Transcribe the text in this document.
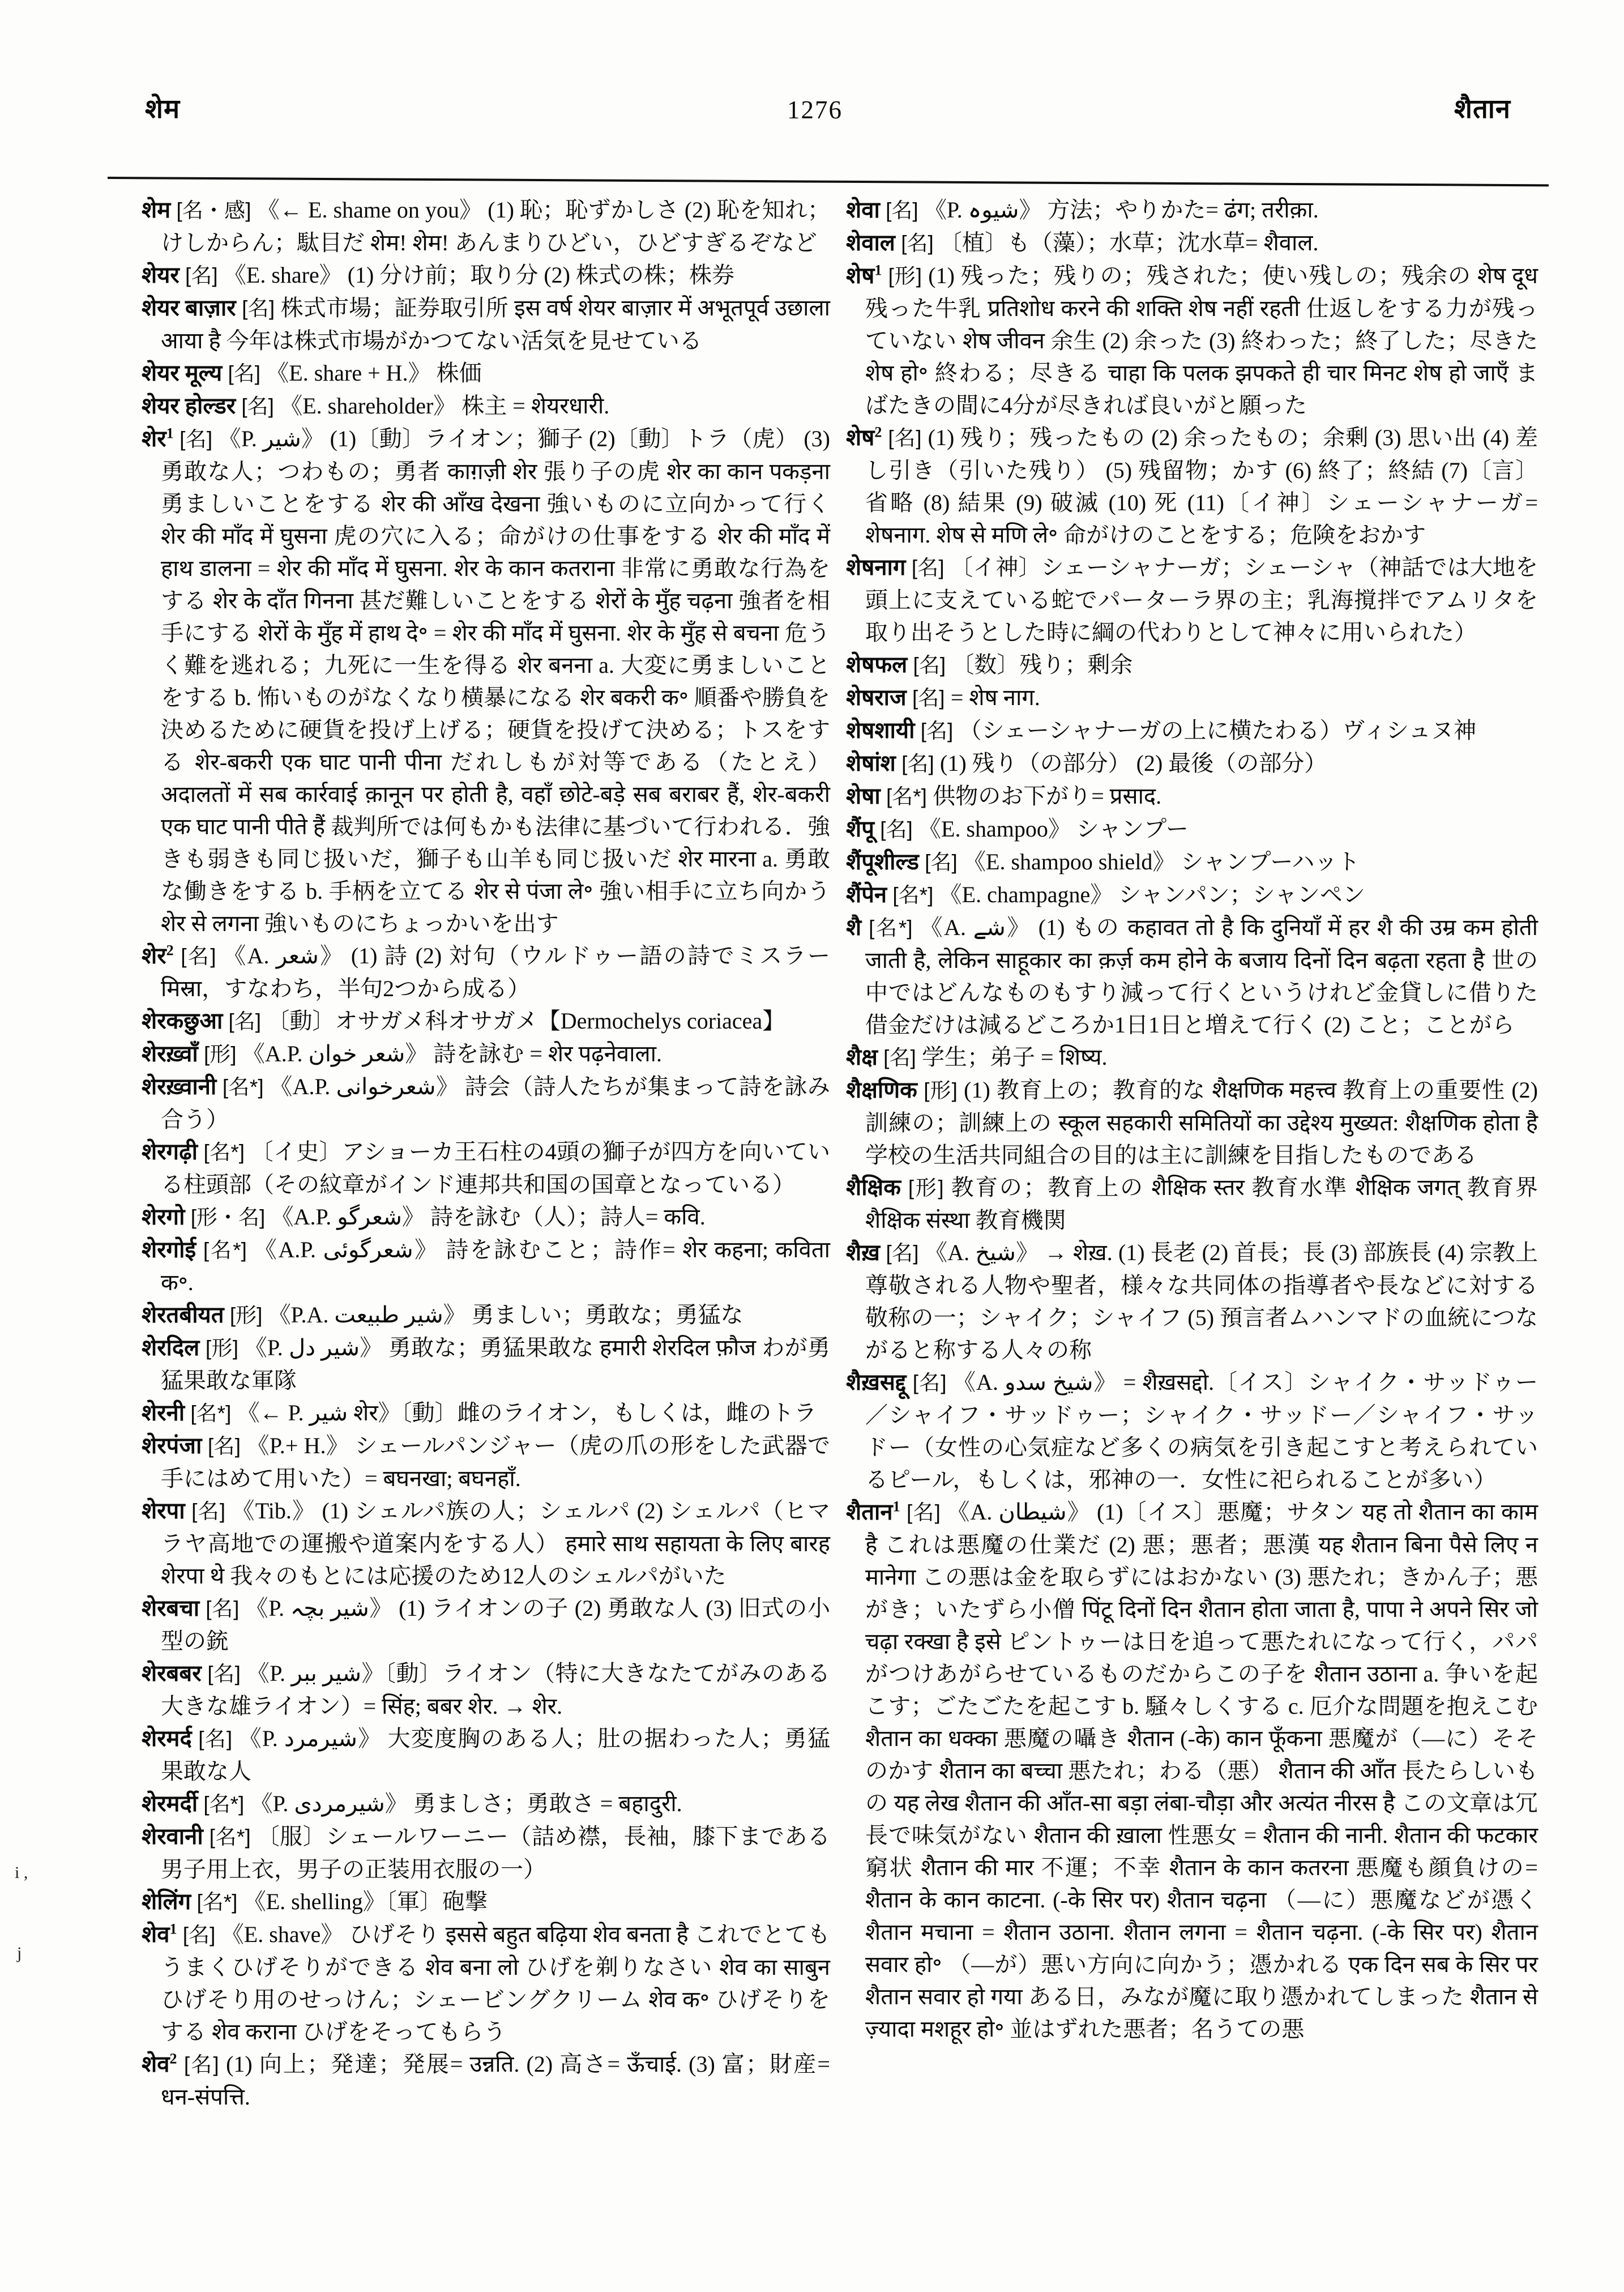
शेम	1276	शैतान

शेम [名・感] 《← E. shame on you》 (1) 恥；恥ずかしさ (2) 恥を知れ；けしからん；駄目だ शेम! शेम! あんまりひどい，ひどすぎるぞなど

शेयर [名] 《E. share》 (1) 分け前；取り分 (2) 株式の株；株券

शेयर बाज़ार [名] 株式市場；証券取引所 इस वर्ष शेयर बाज़ार में अभूतपूर्व उछाला आया है 今年は株式市場がかつてない活気を見せている

शेयर मूल्य [名] 《E. share + H.》 株価

शेयर होल्डर [名] 《E. shareholder》 株主 = शेयरधारी.

शेर$^1$ [名] 《P. شیر》 (1)〔動〕ライオン；獅子 (2)〔動〕トラ（虎） (3) 勇敢な人；つわもの；勇者 काग़ज़ी शेर 張り子の虎 शेर का कान पकड़ना 勇ましいことをする शेर की आँख देखना 強いものに立向かって行く शेर की माँद में घुसना 虎の穴に入る；命がけの仕事をする शेर की माँद में हाथ डालना = शेर की माँद में घुसना. शेर के कान कतराना 非常に勇敢な行為をする शेर के दाँत गिनना 甚だ難しいことをする शेरों के मुँह चढ़ना 強者を相手にする शेरों के मुँह में हाथ दे॰ = शेर की माँद में घुसना. शेर के मुँह से बचना 危うく難を逃れる；九死に一生を得る शेर बनना a. 大変に勇ましいことをする b. 怖いものがなくなり横暴になる शेर बकरी क॰ 順番や勝負を決めるために硬貨を投げ上げる；硬貨を投げて決める；トスをする शेर-बकरी एक घाट पानी पीना だれしもが対等である（たとえ） अदालतों में सब कार्रवाई क़ानून पर होती है, वहाँ छोटे-बड़े सब बराबर हैं, शेर-बकरी एक घाट पानी पीते हैं 裁判所では何もかも法律に基づいて行われる．強きも弱きも同じ扱いだ，獅子も山羊も同じ扱いだ शेर मारना a. 勇敢な働きをする b. 手柄を立てる शेर से पंजा ले॰ 強い相手に立ち向かう शेर से लगना 強いものにちょっかいを出す

शेर$^2$ [名] 《A. شعر》 (1) 詩 (2) 対句（ウルドゥー語の詩でミスラー मिस्रा，すなわち，半句2つから成る）

शेरकछुआ [名] 〔動〕オサガメ科オサガメ【Dermochelys coriacea】

शेरख़्वाँ [形] 《A.P. شعر خوان》 詩を詠む = शेर पढ़नेवाला.

शेरख़्वानी [名*] 《A.P. شعرخوانی》 詩会（詩人たちが集まって詩を詠み合う）

शेरगढ़ी [名*] 〔イ史〕アショーカ王石柱の4頭の獅子が四方を向いている柱頭部（その紋章がインド連邦共和国の国章となっている）

शेरगो [形・名] 《A.P. شعرگو》 詩を詠む（人）；詩人= कवि.

शेरगोई [名*] 《A.P. شعرگوئی》 詩を詠むこと；詩作= शेर कहना; कविता क॰.

शेरतबीयत [形] 《P.A. شیر طبیعت》 勇ましい；勇敢な；勇猛な

शेरदिल [形] 《P. شیر دل》 勇敢な；勇猛果敢な हमारी शेरदिल फ़ौज わが勇猛果敢な軍隊

शेरनी [名*] 《← P. شیر शेर》〔動〕雌のライオン，もしくは，雌のトラ

शेरपंजा [名] 《P.+ H.》 シェールパンジャー（虎の爪の形をした武器で手にはめて用いた）= बघनखा; बघनहाँ.

शेरपा [名] 《Tib.》 (1) シェルパ族の人；シェルパ (2) シェルパ（ヒマラヤ高地での運搬や道案内をする人） हमारे साथ सहायता के लिए बारह शेरपा थे 我々のもとには応援のため12人のシェルパがいた

शेरबचा [名] 《P. شیر بچہ》 (1) ライオンの子 (2) 勇敢な人 (3) 旧式の小型の銃

शेरबबर [名] 《P. شیر ببر》〔動〕ライオン（特に大きなたてがみのある大きな雄ライオン）= सिंह; बबर शेर. → शेर.

शेरमर्द [名] 《P. شیرمرد》 大変度胸のある人；肚の据わった人；勇猛果敢な人

शेरमर्दी [名*] 《P. شیرمردی》 勇ましさ；勇敢さ = बहादुरी.

शेरवानी [名*] 〔服〕シェールワーニー（詰め襟，長袖，膝下まである男子用上衣，男子の正装用衣服の一）

शेलिंग [名*] 《E. shelling》〔軍〕砲撃

शेव$^1$ [名] 《E. shave》 ひげそり इससे बहुत बढ़िया शेव बनता है これでとてもうまくひげそりができる शेव बना लो ひげを剃りなさい शेव का साबुन ひげそり用のせっけん；シェービングクリーム शेव क॰ ひげそりをする शेव कराना ひげをそってもらう

शेव$^2$ [名] (1) 向上；発達；発展= उन्नति. (2) 高さ= ऊँचाई. (3) 富；財産= धन-संपत्ति.

शेवा [名] 《P. شیوہ》 方法；やりかた= ढंग; तरीक़ा.

शेवाल [名] 〔植〕も（藻）；水草；沈水草= शैवाल.

शेष$^1$ [形] (1) 残った；残りの；残された；使い残しの；残余の शेष दूध 残った牛乳 प्रतिशोध करने की शक्ति शेष नहीं रहती 仕返しをする力が残っていない शेष जीवन 余生 (2) 余った (3) 終わった；終了した；尽きた शेष हो॰ 終わる；尽きる चाहा कि पलक झपकते ही चार मिनट शेष हो जाएँ まばたきの間に4分が尽きれば良いがと願った

शेष$^2$ [名] (1) 残り；残ったもの (2) 余ったもの；余剰 (3) 思い出 (4) 差し引き（引いた残り） (5) 残留物；かす (6) 終了；終結 (7)〔言〕省略 (8) 結果 (9) 破滅 (10) 死 (11)〔イ神〕シェーシャナーガ= शेषनाग. शेष से मणि ले॰ 命がけのことをする；危険をおかす

शेषनाग [名] 〔イ神〕シェーシャナーガ；シェーシャ（神話では大地を頭上に支えている蛇でパーターラ界の主；乳海撹拌でアムリタを取り出そうとした時に綱の代わりとして神々に用いられた）

शेषफल [名] 〔数〕残り；剰余

शेषराज [名] = शेष नाग.

शेषशायी [名] （シェーシャナーガの上に横たわる）ヴィシュヌ神

शेषांश [名] (1) 残り（の部分） (2) 最後（の部分）

शेषा [名*] 供物のお下がり= प्रसाद.

शैंपू [名] 《E. shampoo》 シャンプー

शैंपूशील्ड [名] 《E. shampoo shield》 シャンプーハット

शैंपेन [名*] 《E. champagne》 シャンパン；シャンペン

शै [名*] 《A. شے》 (1) もの कहावत तो है कि दुनियाँ में हर शै की उम्र कम होती जाती है, लेकिन साहूकार का क़र्ज़ कम होने के बजाय दिनों दिन बढ़ता रहता है 世の中ではどんなものもすり減って行くというけれど金貸しに借りた借金だけは減るどころか1日1日と増えて行く (2) こと；ことがら

शैक्ष [名] 学生；弟子 = शिष्य.

शैक्षणिक [形] (1) 教育上の；教育的な शैक्षणिक महत्त्व 教育上の重要性 (2) 訓練の；訓練上の स्कूल सहकारी समितियों का उद्देश्य मुख्यत: शैक्षणिक होता है 学校の生活共同組合の目的は主に訓練を目指したものである

शैक्षिक [形] 教育の；教育上の शैक्षिक स्तर 教育水準 शैक्षिक जगत् 教育界 शैक्षिक संस्था 教育機関

शैख़ [名] 《A. شیخ》 → शेख़. (1) 長老 (2) 首長；長 (3) 部族長 (4) 宗教上尊敬される人物や聖者，様々な共同体の指導者や長などに対する敬称の一；シャイク；シャイフ (5) 預言者ムハンマドの血統につながると称する人々の称

शैख़सद्दू [名] 《A. شیخ سدو》 = शैख़सद्दो.〔イス〕シャイク・サッドゥー／シャイフ・サッドゥー；シャイク・サッドー／シャイフ・サッドー（女性の心気症など多くの病気を引き起こすと考えられているピール，もしくは，邪神の一．女性に祀られることが多い）

शैतान$^1$ [名] 《A. شیطان》 (1)〔イス〕悪魔；サタン यह तो शैतान का काम है これは悪魔の仕業だ (2) 悪；悪者；悪漢 यह शैतान बिना पैसे लिए न मानेगा この悪は金を取らずにはおかない (3) 悪たれ；きかん子；悪がき；いたずら小僧 पिंटू दिनों दिन शैतान होता जाता है, पापा ने अपने सिर जो चढ़ा रक्खा है इसे ピントゥーは日を追って悪たれになって行く，パパがつけあがらせているものだからこの子を शैतान उठाना a. 争いを起こす；ごたごたを起こす b. 騒々しくする c. 厄介な問題を抱えこむ शैतान का धक्का 悪魔の囁き शैतान (-के) कान फूँकना 悪魔が（―に）そそのかす शैतान का बच्चा 悪たれ；わる（悪） शैतान की आँत 長たらしいもの यह लेख शैतान की आँत-सा बड़ा लंबा-चौड़ा और अत्यंत नीरस है この文章は冗長で味気がない शैतान की ख़ाला 性悪女 = शैतान की नानी. शैतान की फटकार 窮状 शैतान की मार 不運；不幸 शैतान के कान कतरना 悪魔も顔負けの= शैतान के कान काटना. (-के सिर पर) शैतान चढ़ना （―に）悪魔などが憑く शैतान मचाना = शैतान उठाना. शैतान लगना = शैतान चढ़ना. (-के सिर पर) शैतान सवार हो॰ （―が）悪い方向に向かう；憑かれる एक दिन सब के सिर पर शैतान सवार हो गया ある日，みなが魔に取り憑かれてしまった शैतान से ज़्यादा मशहूर हो॰ 並はずれた悪者；名うての悪

i ,
j
